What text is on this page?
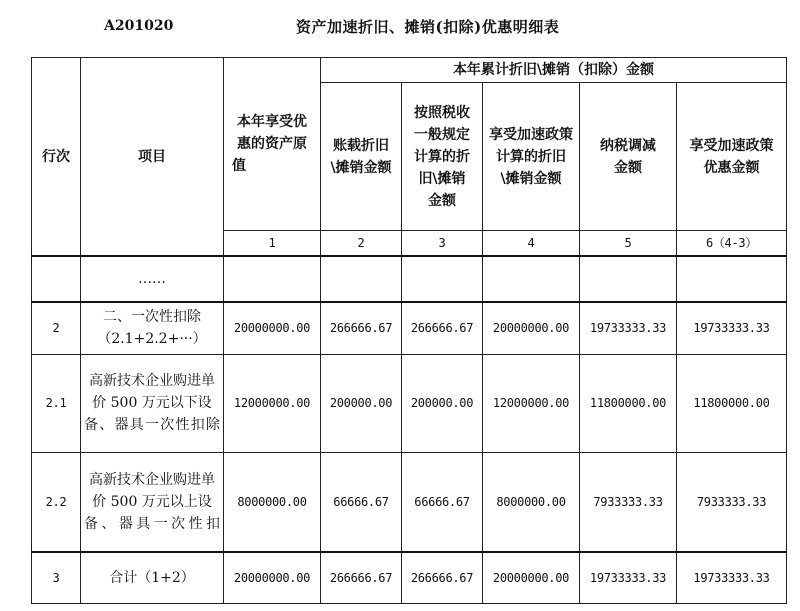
A201020	资产加速折旧、摊销(扣除)优惠明细表
行次	项目	本年享受优惠的资产原值	本年累计折旧\摊销（扣除）金额				
			账载折旧\摊销金额	按照税收一般规定计算的折旧\摊销金额	享受加速政策计算的折旧\摊销金额	纳税调减金额	享受加速政策优惠金额
		1	2	3	4	5	6（4-3）
	……						
2	二、一次性扣除（2.1+2.2+···）	20000000.00	266666.67	266666.67	20000000.00	19733333.33	19733333.33
2.1	高新技术企业购进单价 500 万元以下设备、器具一次性扣除	12000000.00	200000.00	200000.00	12000000.00	11800000.00	11800000.00
2.2	高新技术企业购进单价 500 万元以上设备、器具一次性扣	8000000.00	66666.67	66666.67	8000000.00	7933333.33	7933333.33
3	合计（1+2）	20000000.00	266666.67	266666.67	20000000.00	19733333.33	19733333.33
